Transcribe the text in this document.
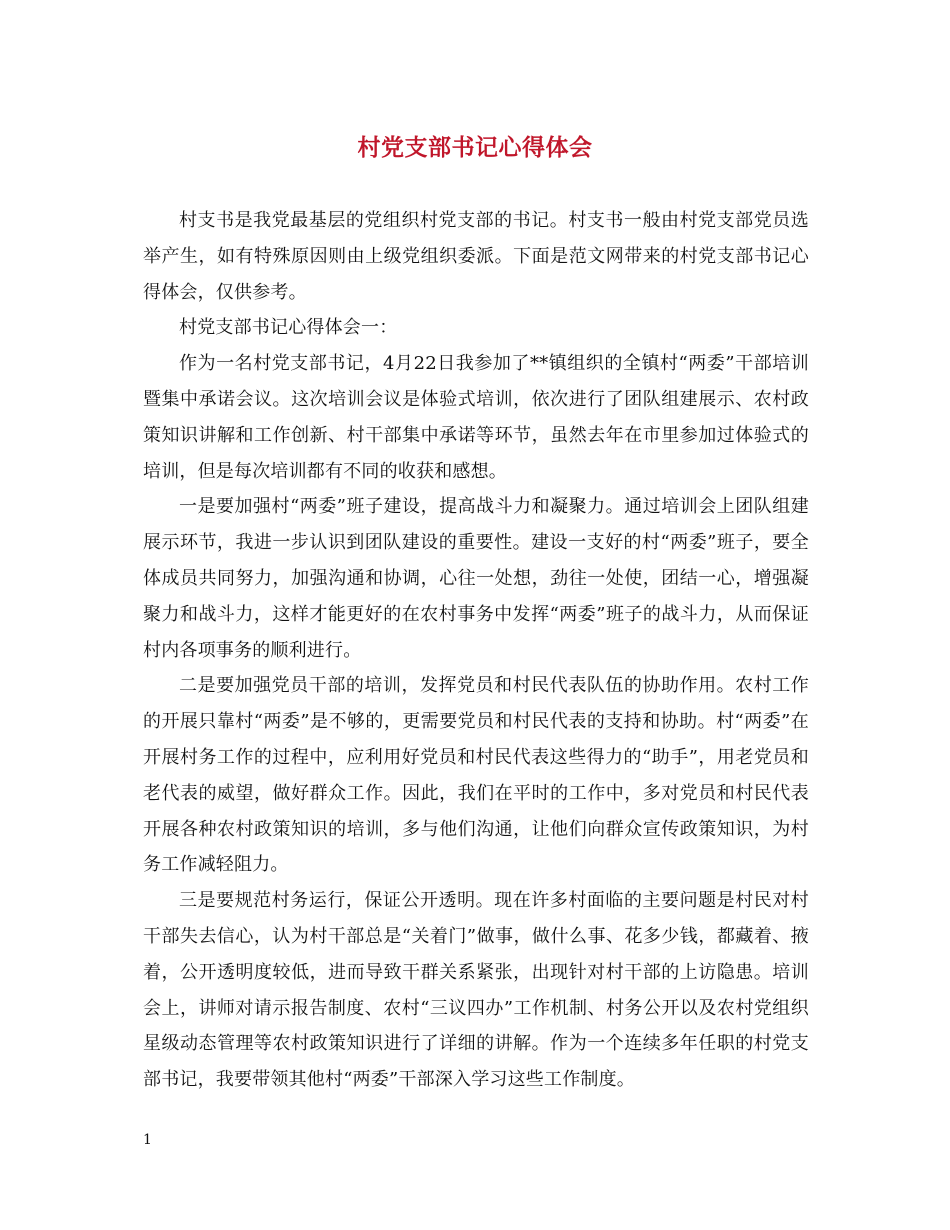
村党支部书记心得体会

村支书是我党最基层的党组织村党支部的书记。村支书一般由村党支部党员选举产生，如有特殊原因则由上级党组织委派。下面是范文网带来的村党支部书记心得体会，仅供参考。

村党支部书记心得体会一：

作为一名村党支部书记，4月22日我参加了**镇组织的全镇村“两委”干部培训暨集中承诺会议。这次培训会议是体验式培训，依次进行了团队组建展示、农村政策知识讲解和工作创新、村干部集中承诺等环节，虽然去年在市里参加过体验式的培训，但是每次培训都有不同的收获和感想。

一是要加强村“两委”班子建设，提高战斗力和凝聚力。通过培训会上团队组建展示环节，我进一步认识到团队建设的重要性。建设一支好的村“两委”班子，要全体成员共同努力，加强沟通和协调，心往一处想，劲往一处使，团结一心，增强凝聚力和战斗力，这样才能更好的在农村事务中发挥“两委”班子的战斗力，从而保证村内各项事务的顺利进行。

二是要加强党员干部的培训，发挥党员和村民代表队伍的协助作用。农村工作的开展只靠村“两委”是不够的，更需要党员和村民代表的支持和协助。村“两委”在开展村务工作的过程中，应利用好党员和村民代表这些得力的“助手”，用老党员和老代表的威望，做好群众工作。因此，我们在平时的工作中，多对党员和村民代表开展各种农村政策知识的培训，多与他们沟通，让他们向群众宣传政策知识，为村务工作减轻阻力。

三是要规范村务运行，保证公开透明。现在许多村面临的主要问题是村民对村干部失去信心，认为村干部总是“关着门”做事，做什么事、花多少钱，都藏着、掖着，公开透明度较低，进而导致干群关系紧张，出现针对村干部的上访隐患。培训会上，讲师对请示报告制度、农村“三议四办”工作机制、村务公开以及农村党组织星级动态管理等农村政策知识进行了详细的讲解。作为一个连续多年任职的村党支部书记，我要带领其他村“两委”干部深入学习这些工作制度。

1
